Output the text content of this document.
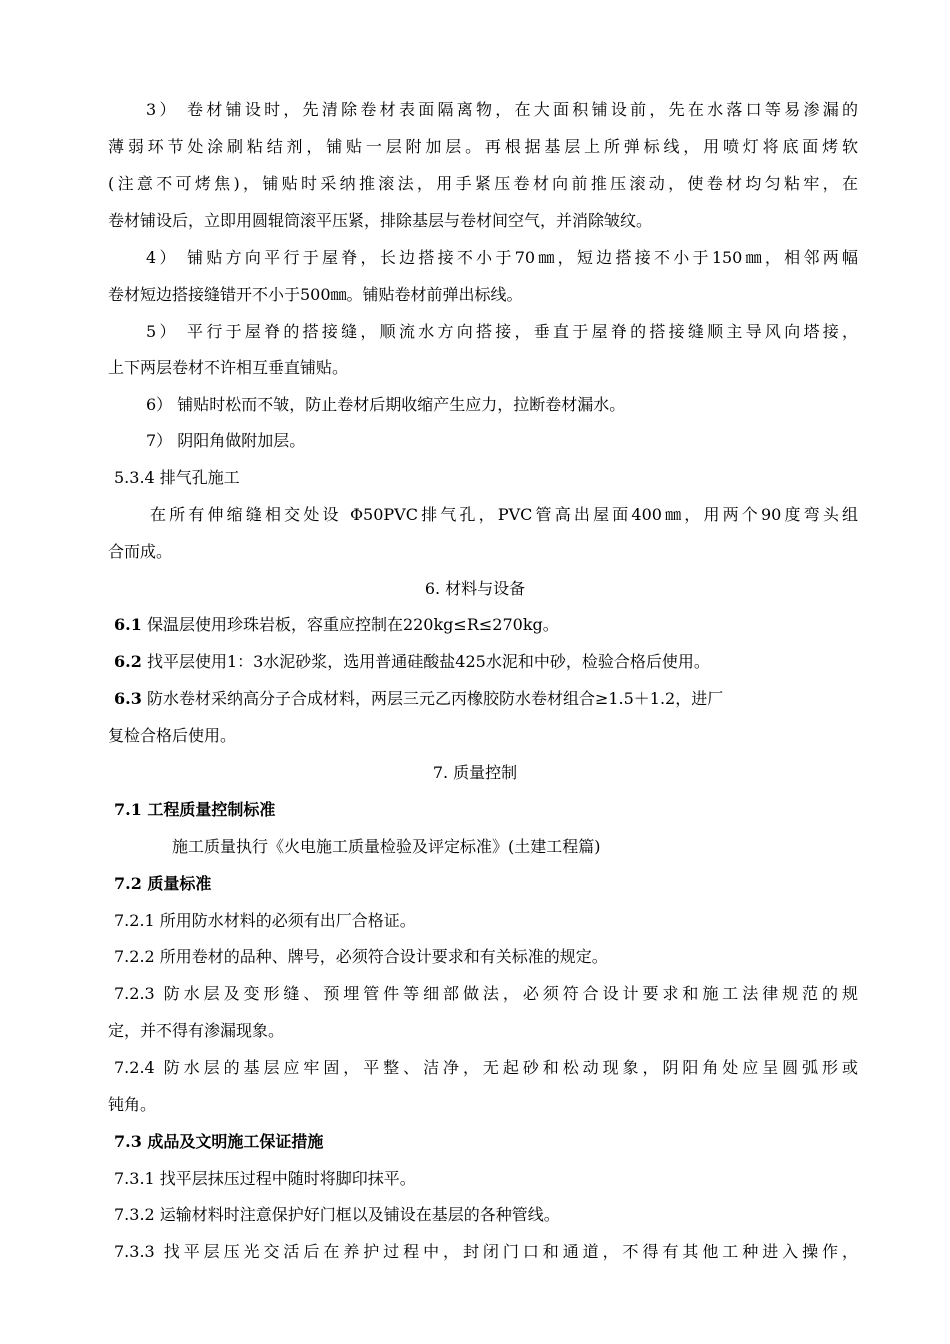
3） 卷材铺设时，先清除卷材表面隔离物，在大面积铺设前，先在水落口等易渗漏的

薄弱环节处涂刷粘结剂，铺贴一层附加层。再根据基层上所弹标线，用喷灯将底面烤软

(注意不可烤焦)，铺贴时采纳推滚法，用手紧压卷材向前推压滚动，使卷材均匀粘牢，在

卷材铺设后，立即用圆辊筒滚平压紧，排除基层与卷材间空气，并消除皱纹。

4） 铺贴方向平行于屋脊，长边搭接不小于70㎜，短边搭接不小于150㎜，相邻两幅

卷材短边搭接缝错开不小于500㎜。铺贴卷材前弹出标线。

5） 平行于屋脊的搭接缝，顺流水方向搭接，垂直于屋脊的搭接缝顺主导风向塔接，

上下两层卷材不许相互垂直铺贴。

6） 铺贴时松而不皱，防止卷材后期收缩产生应力，拉断卷材漏水。

7） 阴阳角做附加层。

5.3.4 排气孔施工

在所有伸缩缝相交处设 Φ50PVC排气孔，PVC管高出屋面400㎜，用两个90度弯头组

合而成。

6. 材料与设备

6.1 保温层使用珍珠岩板，容重应控制在220kg≤R≤270kg。

6.2 找平层使用1：3水泥砂浆，选用普通硅酸盐425水泥和中砂，检验合格后使用。

6.3 防水卷材采纳高分子合成材料，两层三元乙丙橡胶防水卷材组合≥1.5＋1.2，进厂

复检合格后使用。

7. 质量控制

7.1 工程质量控制标准

施工质量执行《火电施工质量检验及评定标准》(土建工程篇)

7.2 质量标准

7.2.1 所用防水材料的必须有出厂合格证。

7.2.2 所用卷材的品种、牌号，必须符合设计要求和有关标准的规定。

7.2.3 防水层及变形缝、预埋管件等细部做法，必须符合设计要求和施工法律规范的规

定，并不得有渗漏现象。

7.2.4 防水层的基层应牢固，平整、洁净，无起砂和松动现象，阴阳角处应呈圆弧形或

钝角。

7.3 成品及文明施工保证措施

7.3.1 找平层抹压过程中随时将脚印抹平。

7.3.2 运输材料时注意保护好门框以及铺设在基层的各种管线。

7.3.3 找平层压光交活后在养护过程中，封闭门口和通道，不得有其他工种进入操作，
